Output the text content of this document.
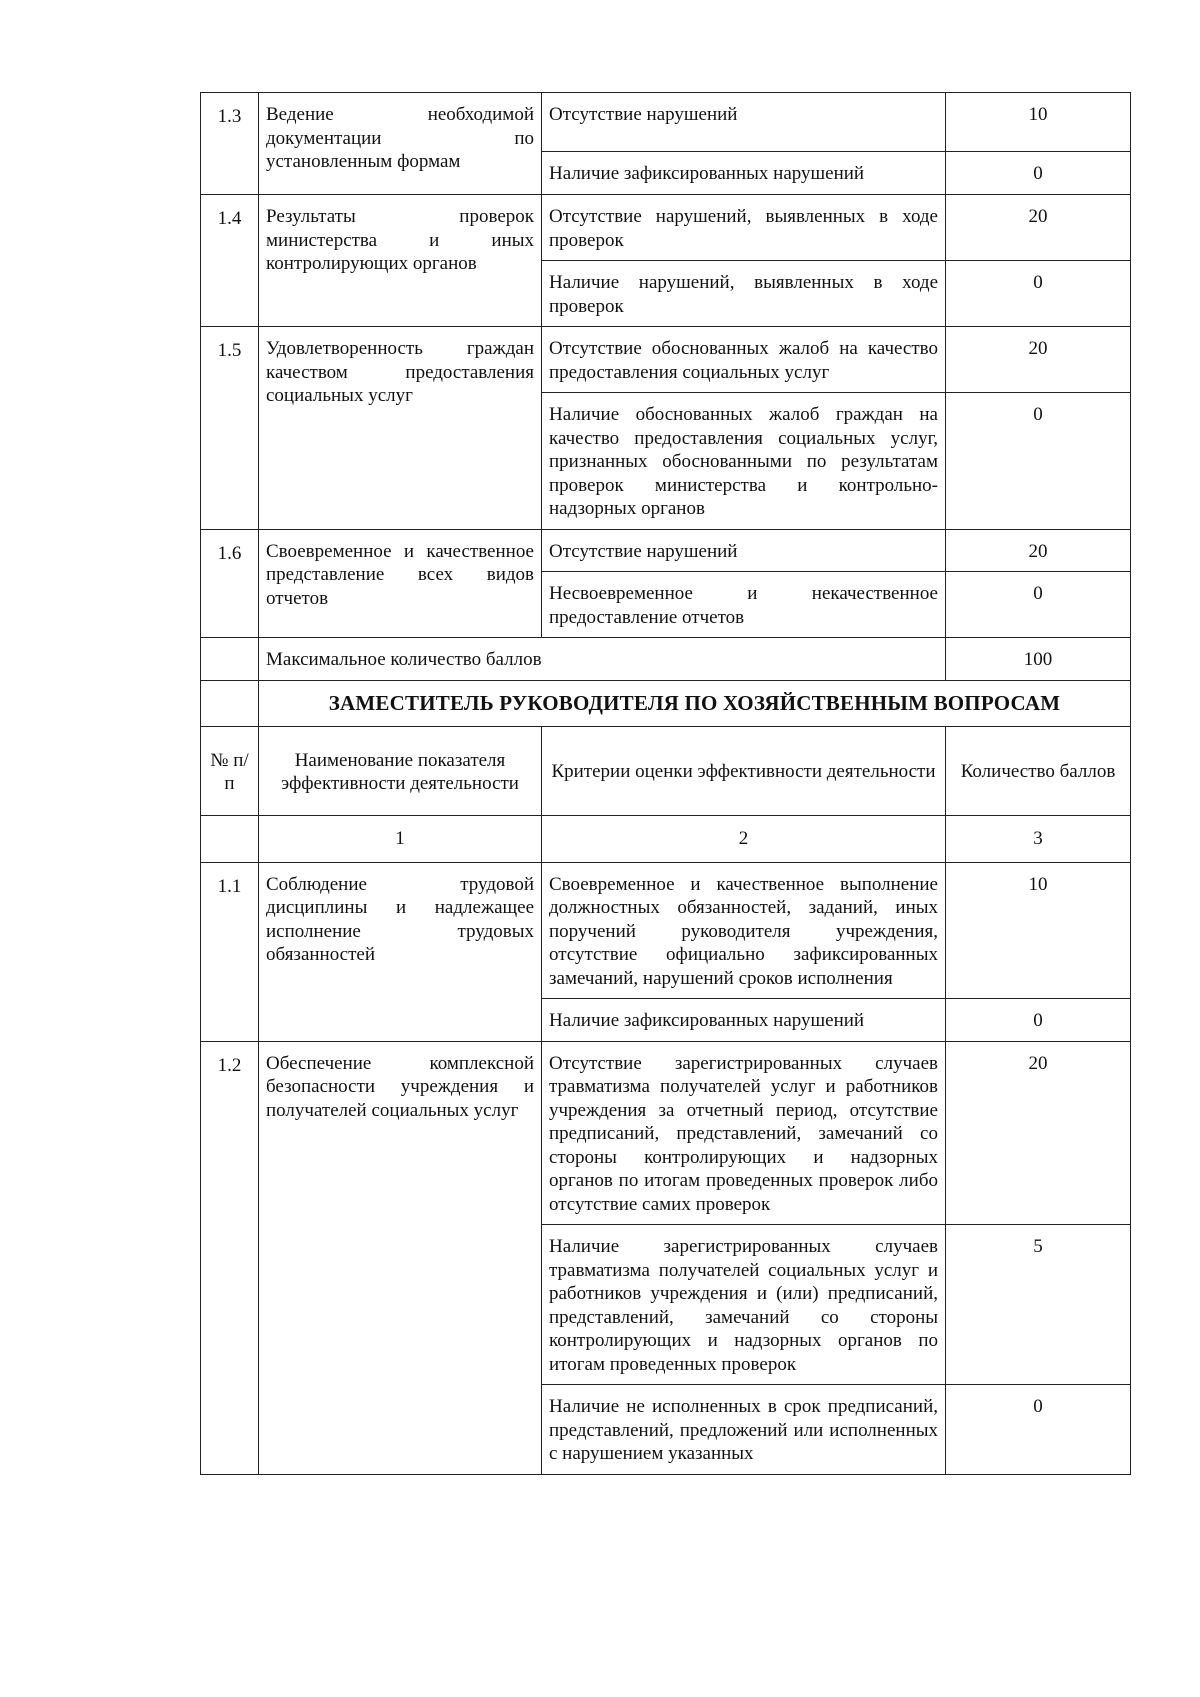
1.3	Ведение необходимой документации по установленным формам	Отсутствие нарушений	10
		Наличие зафиксированных нарушений	0
1.4	Результаты проверок министерства и иных контролирующих органов	Отсутствие нарушений, выявленных в ходе проверок	20
		Наличие нарушений, выявленных в ходе проверок	0
1.5	Удовлетворенность граждан качеством предоставления социальных услуг	Отсутствие обоснованных жалоб на качество предоставления социальных услуг	20
		Наличие обоснованных жалоб граждан на качество предоставления социальных услуг, признанных обоснованными по результатам проверок министерства и контрольно-надзорных органов	0
1.6	Своевременное и качественное представление всех видов отчетов	Отсутствие нарушений	20
		Несвоевременное и некачественное предоставление отчетов	0
	Максимальное количество баллов		100
	ЗАМЕСТИТЕЛЬ РУКОВОДИТЕЛЯ ПО ХОЗЯЙСТВЕННЫМ ВОПРОСАМ		
№ п/п	Наименование показателя эффективности деятельности	Критерии оценки эффективности деятельности	Количество баллов
	1	2	3
1.1	Соблюдение трудовой дисциплины и надлежащее исполнение трудовых обязанностей	Своевременное и качественное выполнение должностных обязанностей, заданий, иных поручений руководителя учреждения, отсутствие официально зафиксированных замечаний, нарушений сроков исполнения	10
		Наличие зафиксированных нарушений	0
1.2	Обеспечение комплексной безопасности учреждения и получателей социальных услуг	Отсутствие зарегистрированных случаев травматизма получателей услуг и работников учреждения за отчетный период, отсутствие предписаний, представлений, замечаний со стороны контролирующих и надзорных органов по итогам проведенных проверок либо отсутствие самих проверок	20
		Наличие зарегистрированных случаев травматизма получателей социальных услуг и работников учреждения и (или) предписаний, представлений, замечаний со стороны контролирующих и надзорных органов по итогам проведенных проверок	5
		Наличие не исполненных в срок предписаний, представлений, предложений или исполненных с нарушением указанных	0
